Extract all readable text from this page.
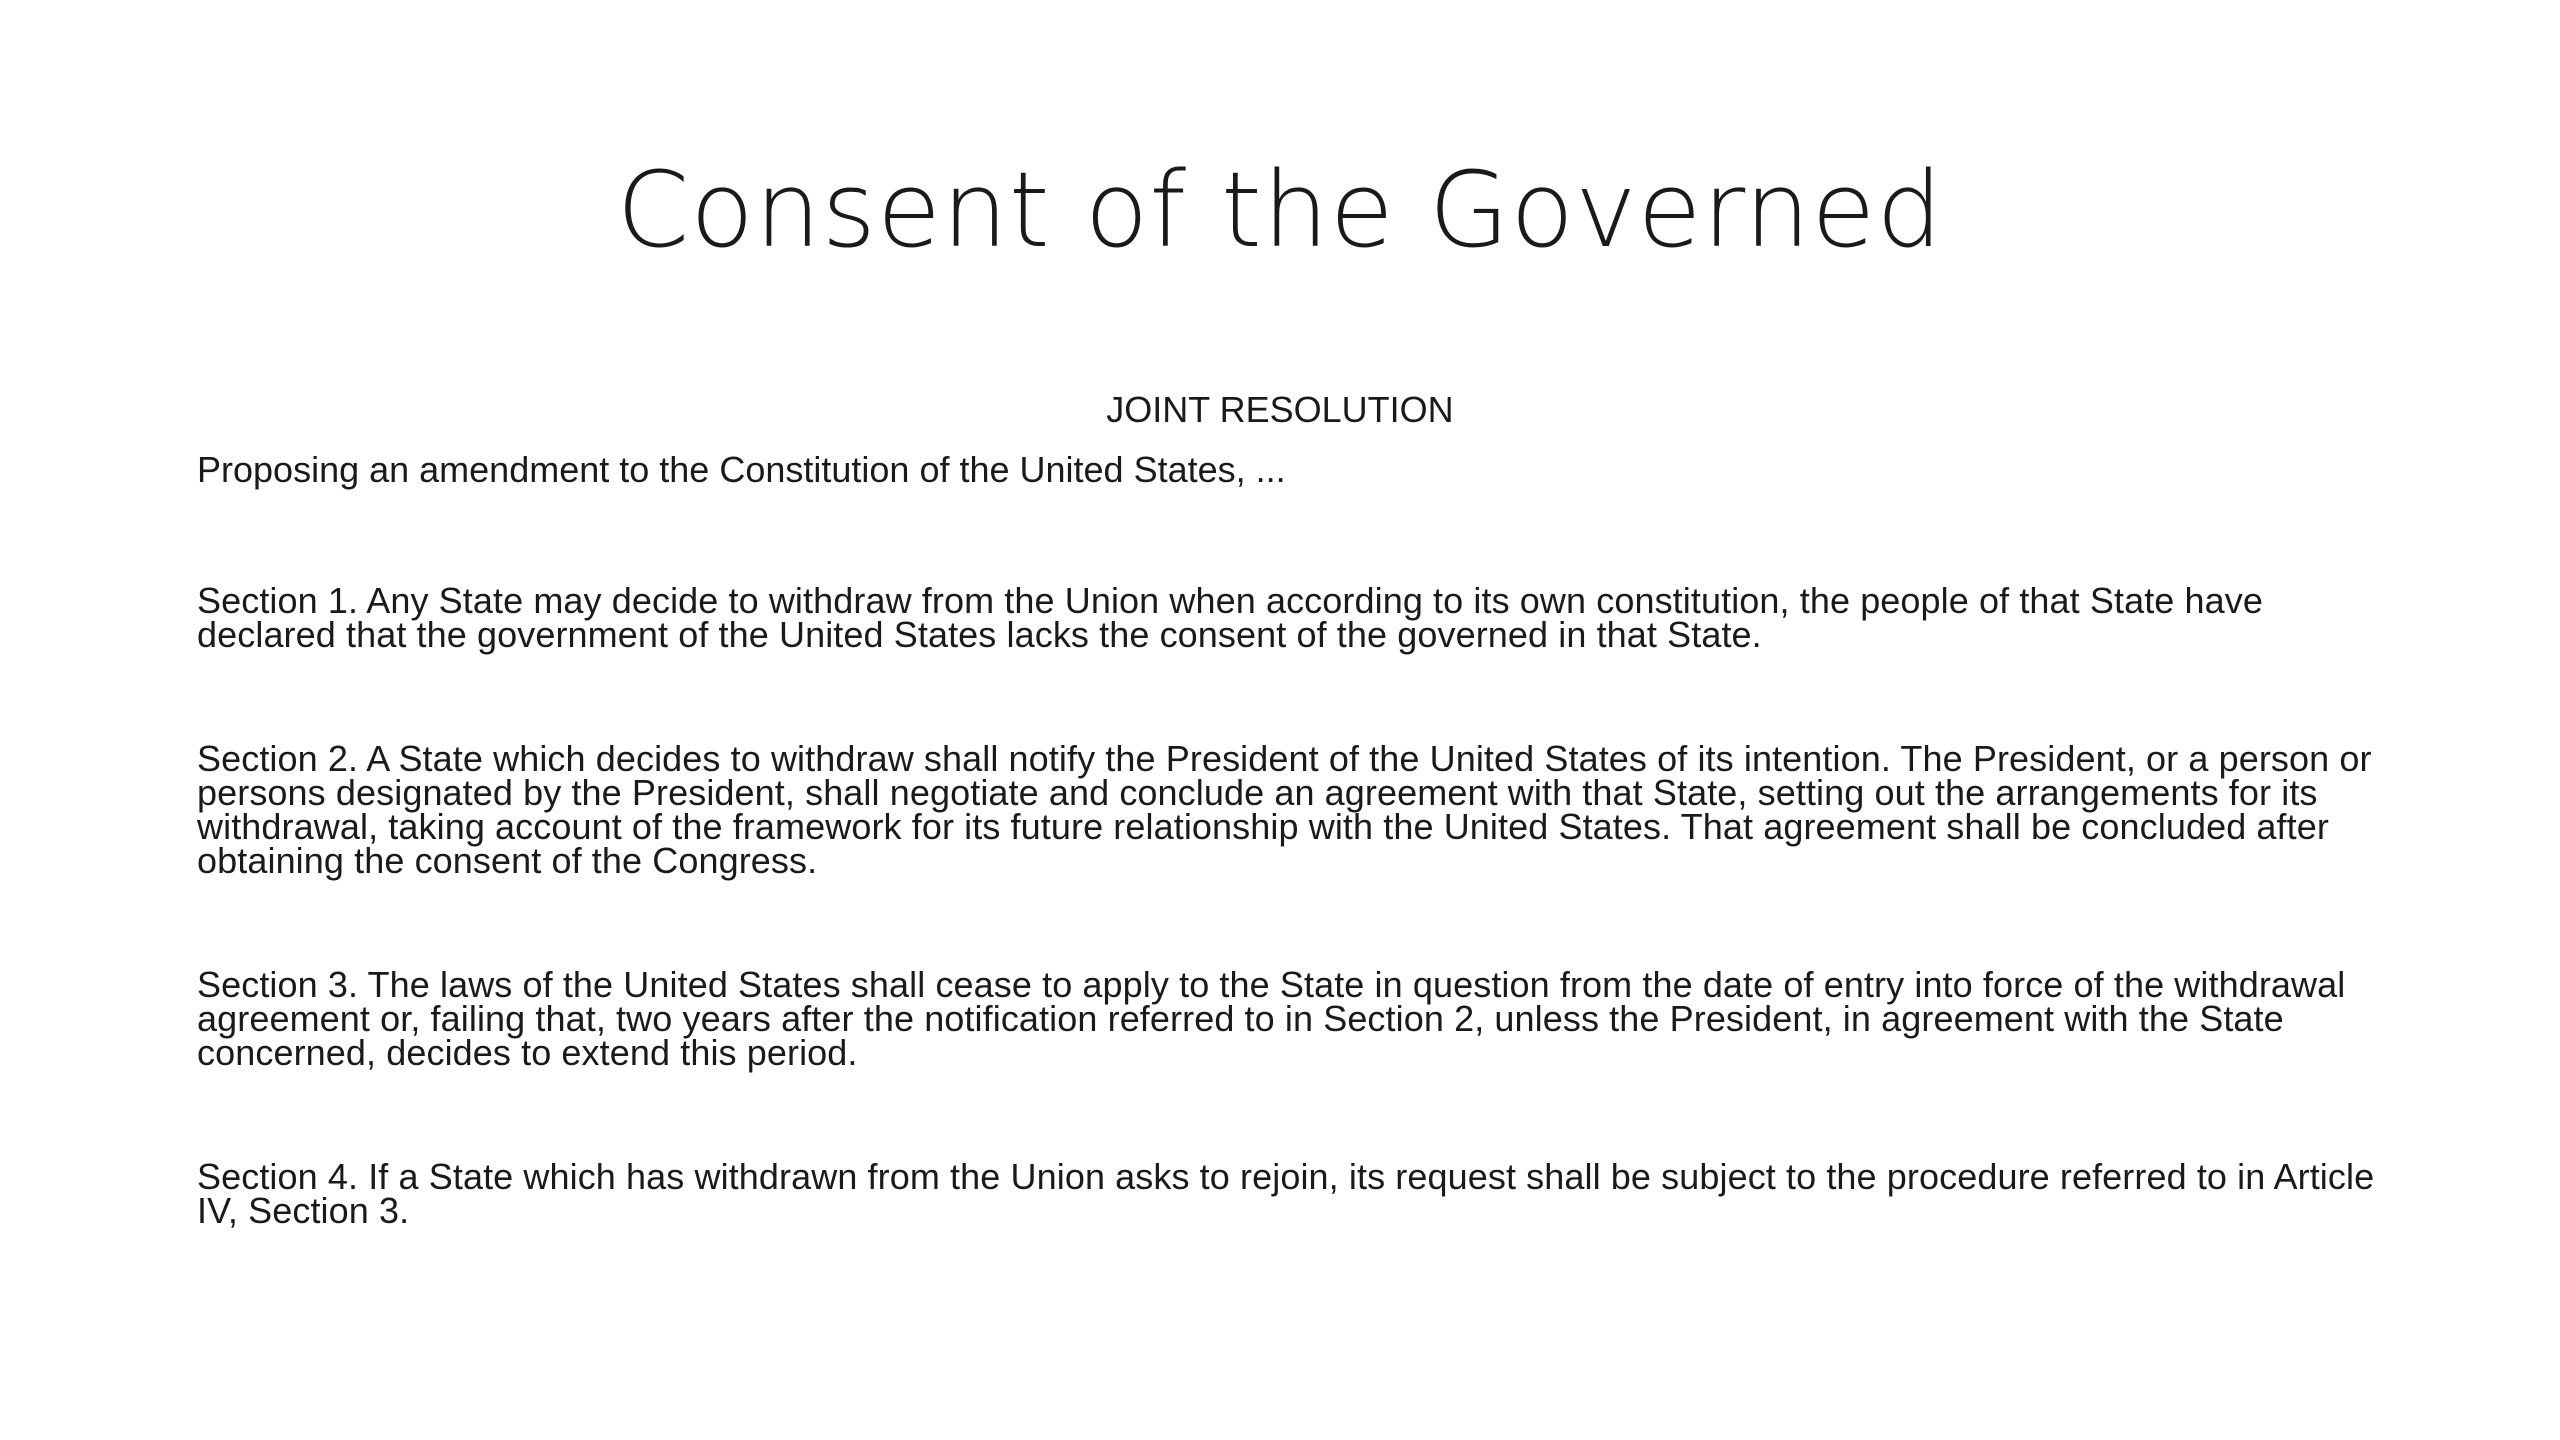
Consent of the Governed
JOINT RESOLUTION

Proposing an amendment to the Constitution of the United States, ...

Section 1. Any State may decide to withdraw from the Union when according to its own constitution, the people of that State have declared that the government of the United States lacks the consent of the governed in that State.

Section 2. A State which decides to withdraw shall notify the President of the United States of its intention. The President, or a person or persons designated by the President, shall negotiate and conclude an agreement with that State, setting out the arrangements for its withdrawal, taking account of the framework for its future relationship with the United States. That agreement shall be concluded after obtaining the consent of the Congress.

Section 3. The laws of the United States shall cease to apply to the State in question from the date of entry into force of the withdrawal agreement or, failing that, two years after the notification referred to in Section 2, unless the President, in agreement with the State concerned, decides to extend this period.

Section 4. If a State which has withdrawn from the Union asks to rejoin, its request shall be subject to the procedure referred to in Article IV, Section 3.
